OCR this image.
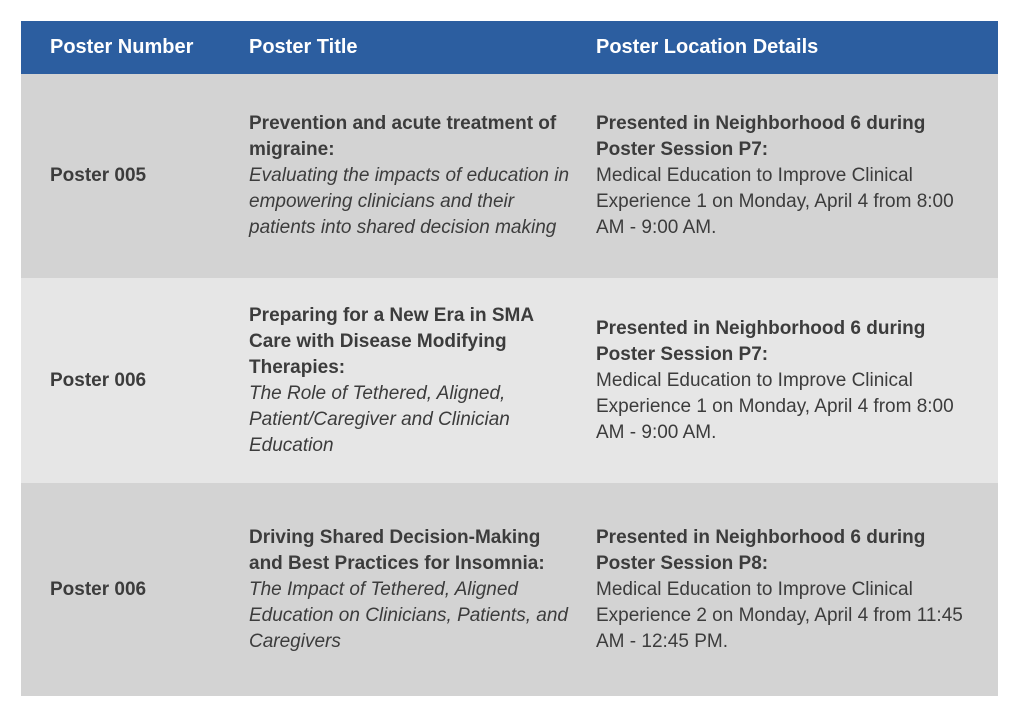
Poster Number	Poster Title	Poster Location Details
Poster 005
Prevention and acute treatment of migraine:
Evaluating the impacts of education in empowering clinicians and their patients into shared decision making
Presented in Neighborhood 6 during Poster Session P7:
Medical Education to Improve Clinical Experience 1 on Monday, April 4 from 8:00 AM - 9:00 AM.
Poster 006
Preparing for a New Era in SMA Care with Disease Modifying Therapies:
The Role of Tethered, Aligned, Patient/Caregiver and Clinician Education
Presented in Neighborhood 6 during Poster Session P7:
Medical Education to Improve Clinical Experience 1 on Monday, April 4 from 8:00 AM - 9:00 AM.
Poster 006
Driving Shared Decision-Making and Best Practices for Insomnia:
The Impact of Tethered, Aligned Education on Clinicians, Patients, and Caregivers
Presented in Neighborhood 6 during Poster Session P8:
Medical Education to Improve Clinical Experience 2 on Monday, April 4 from 11:45 AM - 12:45 PM.
